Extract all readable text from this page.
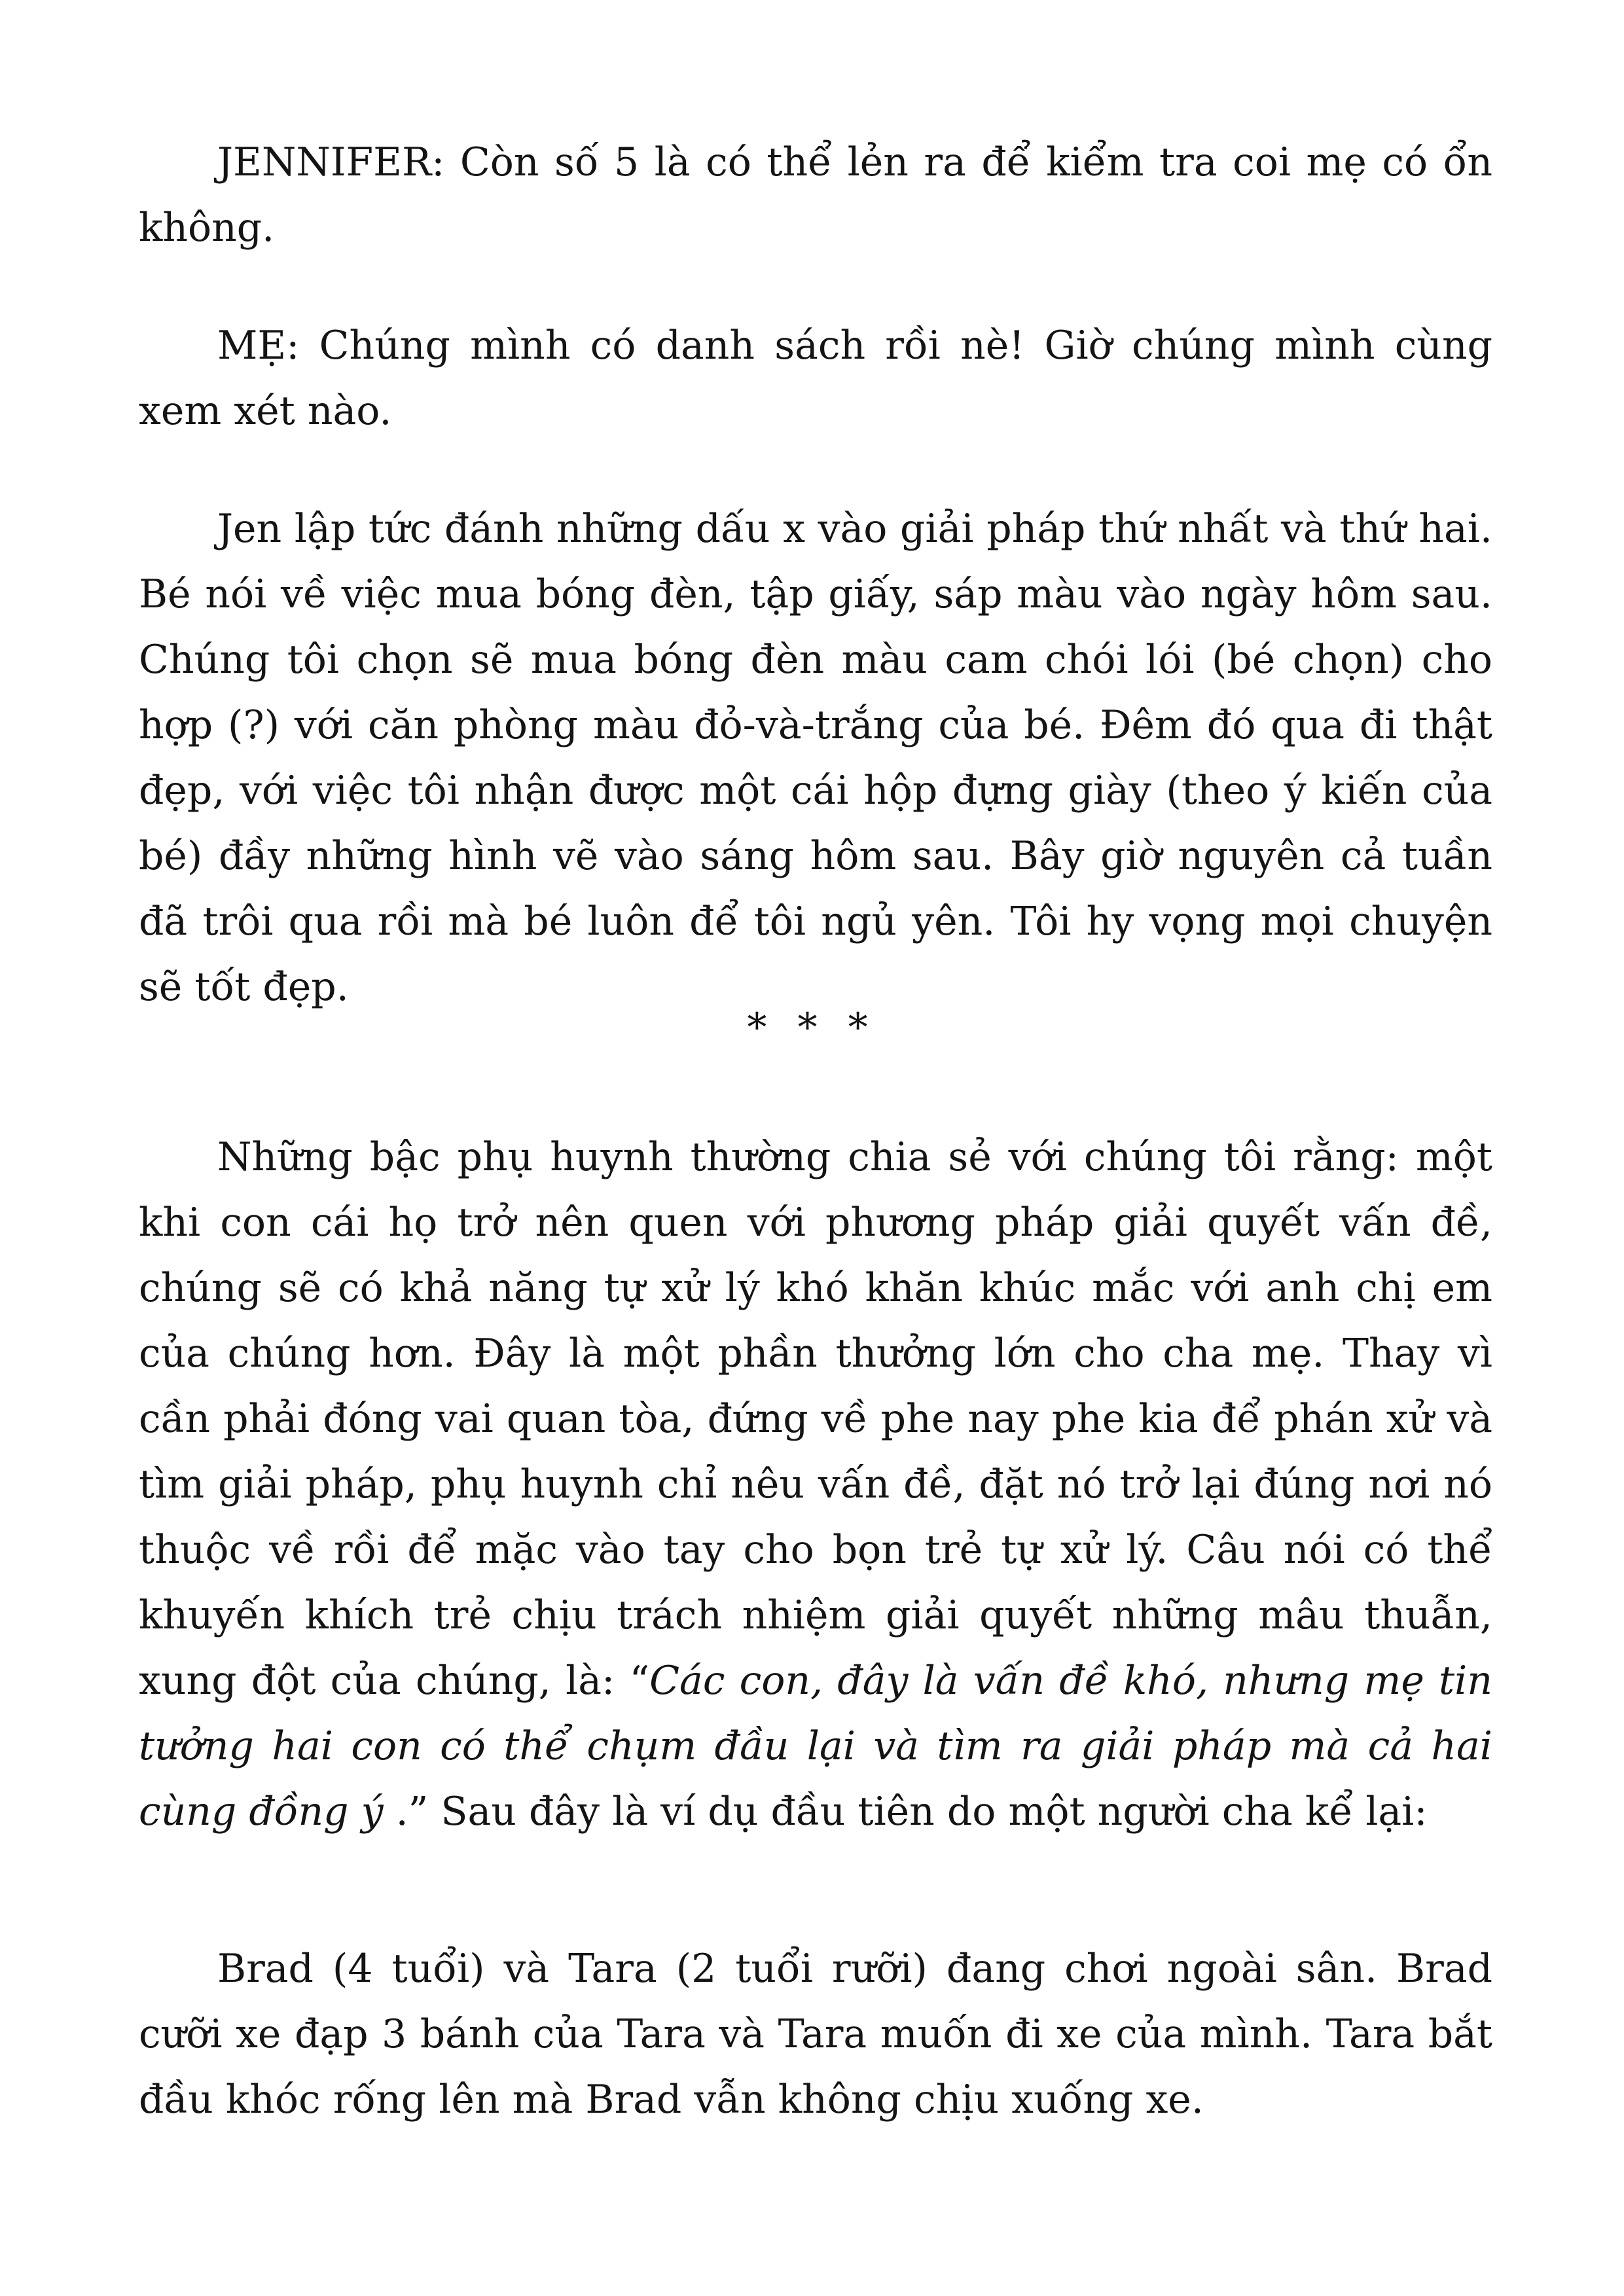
JENNIFER: Còn số 5 là có thể lẻn ra để kiểm tra coi mẹ có ổn không.

MẸ: Chúng mình có danh sách rồi nè! Giờ chúng mình cùng xem xét nào.

Jen lập tức đánh những dấu x vào giải pháp thứ nhất và thứ hai. Bé nói về việc mua bóng đèn, tập giấy, sáp màu vào ngày hôm sau. Chúng tôi chọn sẽ mua bóng đèn màu cam chói lói (bé chọn) cho hợp (?) với căn phòng màu đỏ-và-trắng của bé. Đêm đó qua đi thật đẹp, với việc tôi nhận được một cái hộp đựng giày (theo ý kiến của bé) đầy những hình vẽ vào sáng hôm sau. Bây giờ nguyên cả tuần đã trôi qua rồi mà bé luôn để tôi ngủ yên. Tôi hy vọng mọi chuyện sẽ tốt đẹp.

* * *

Những bậc phụ huynh thường chia sẻ với chúng tôi rằng: một khi con cái họ trở nên quen với phương pháp giải quyết vấn đề, chúng sẽ có khả năng tự xử lý khó khăn khúc mắc với anh chị em của chúng hơn. Đây là một phần thưởng lớn cho cha mẹ. Thay vì cần phải đóng vai quan tòa, đứng về phe nay phe kia để phán xử và tìm giải pháp, phụ huynh chỉ nêu vấn đề, đặt nó trở lại đúng nơi nó thuộc về rồi để mặc vào tay cho bọn trẻ tự xử lý. Câu nói có thể khuyến khích trẻ chịu trách nhiệm giải quyết những mâu thuẫn, xung đột của chúng, là: “Các con, đây là vấn đề khó, nhưng mẹ tin tưởng hai con có thể chụm đầu lại và tìm ra giải pháp mà cả hai cùng đồng ý .” Sau đây là ví dụ đầu tiên do một người cha kể lại:

Brad (4 tuổi) và Tara (2 tuổi rưỡi) đang chơi ngoài sân. Brad cưỡi xe đạp 3 bánh của Tara và Tara muốn đi xe của mình. Tara bắt đầu khóc rống lên mà Brad vẫn không chịu xuống xe.
